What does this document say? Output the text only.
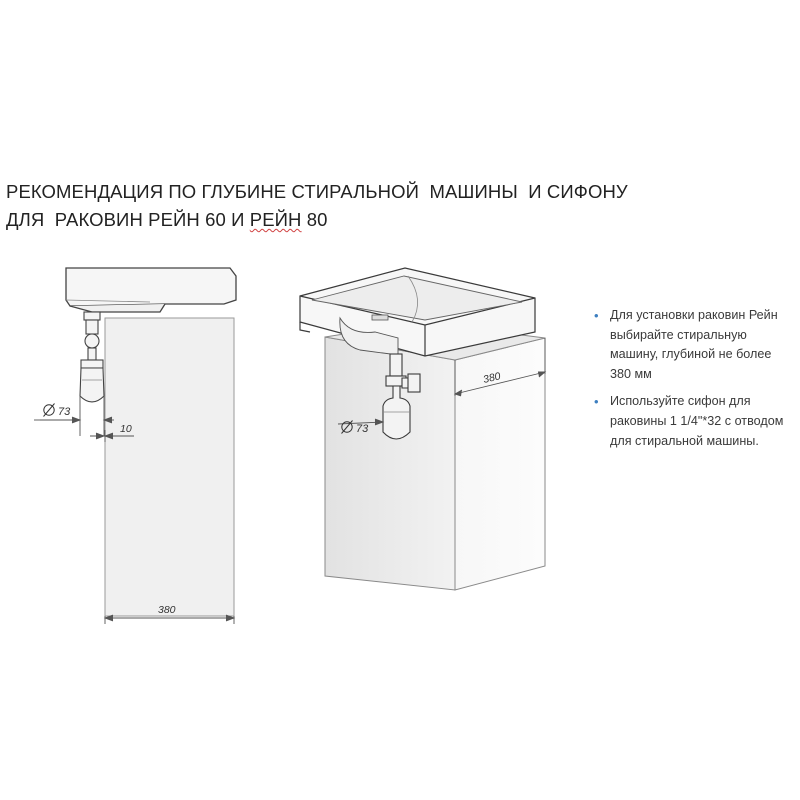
РЕКОМЕНДАЦИЯ ПО ГЛУБИНЕ СТИРАЛЬНОЙ  МАШИНЫ  И СИФОНУ
ДЛЯ  РАКОВИН РЕЙН 60 И РЕЙН 80
73
10
380
73
380
• Для установки раковин Рейн выбирайте стиральную машину, глубиной не более 380 мм
• Используйте сифон для раковины 1 1/4"*32 с отводом для стиральной машины.
